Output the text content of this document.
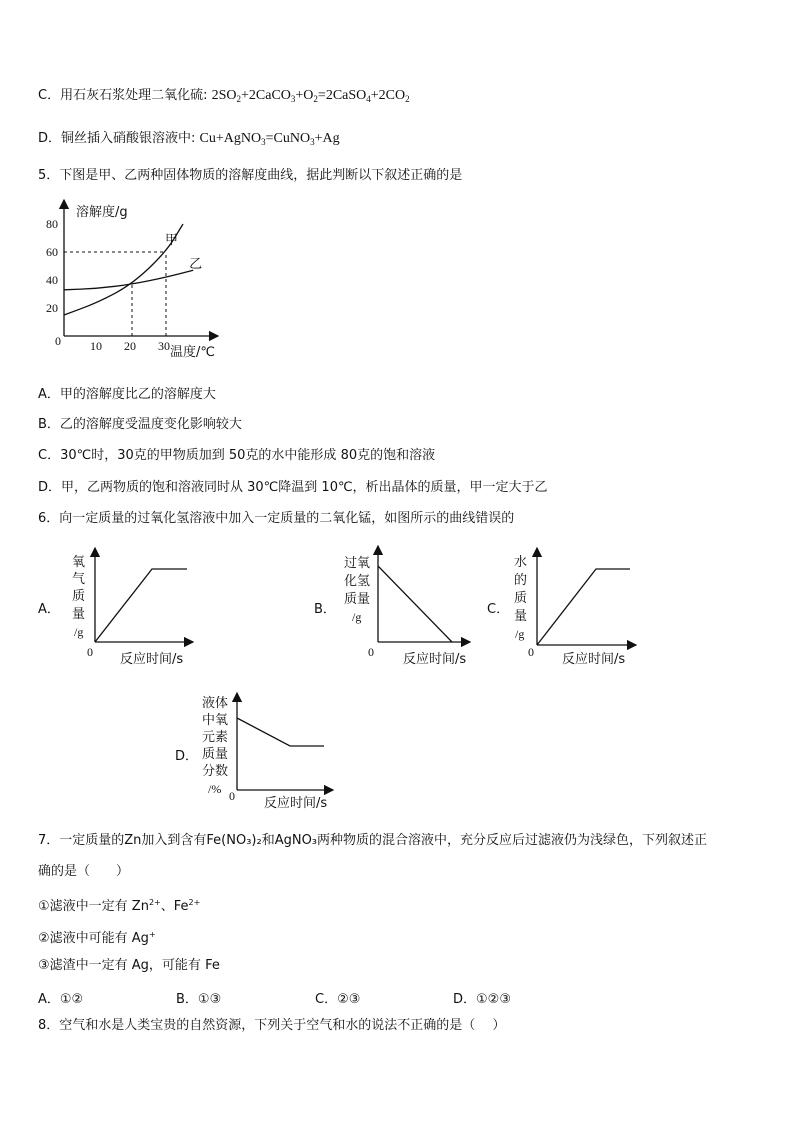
C．用石灰石浆处理二氧化硫: $2SO_2+2CaCO_3+O_2=2CaSO_4+2CO_2$
D．铜丝插入硝酸银溶液中: Cu+AgNO$_3$=CuNO$_3$+Ag
5．下图是甲、乙两种固体物质的溶解度曲线，据此判断以下叙述正确的是
甲
乙
20
40
60
80
10 20 30
0
溶解度/g
温度/℃
A．甲的溶解度比乙的溶解度大
B．乙的溶解度受温度变化影响较大
C．30℃时，30克的甲物质加到 50克的水中能形成 80克的饱和溶液
D．甲，乙两物质的饱和溶液同时从 30℃降温到 10℃，析出晶体的质量，甲一定大于乙
6．向一定质量的过氧化氢溶液中加入一定质量的二氧化锰，如图所示的曲线错误的
A．	B．	C．
D．
氧
气
质
量
/g
0 反应时间/s
过氧
化氢
质量
/g
0 反应时间/s
水
的
质
量
/g
0 反应时间/s
液体
中氧
元素
质量
分数
/% 0 反应时间/s
7．一定质量的Zn加入到含有Fe(NO₃)₂和AgNO₃两种物质的混合溶液中，充分反应后过滤液仍为浅绿色，下列叙述正
确的是（　　）
①滤液中一定有 $Zn^{2+}$、$Fe^{2+}$
②滤液中可能有 Ag+
③滤渣中一定有 Ag，可能有 Fe
A．①②	B．①③	C．②③	D．①②③
8．空气和水是人类宝贵的自然资源，下列关于空气和水的说法不正确的是（　 ）
